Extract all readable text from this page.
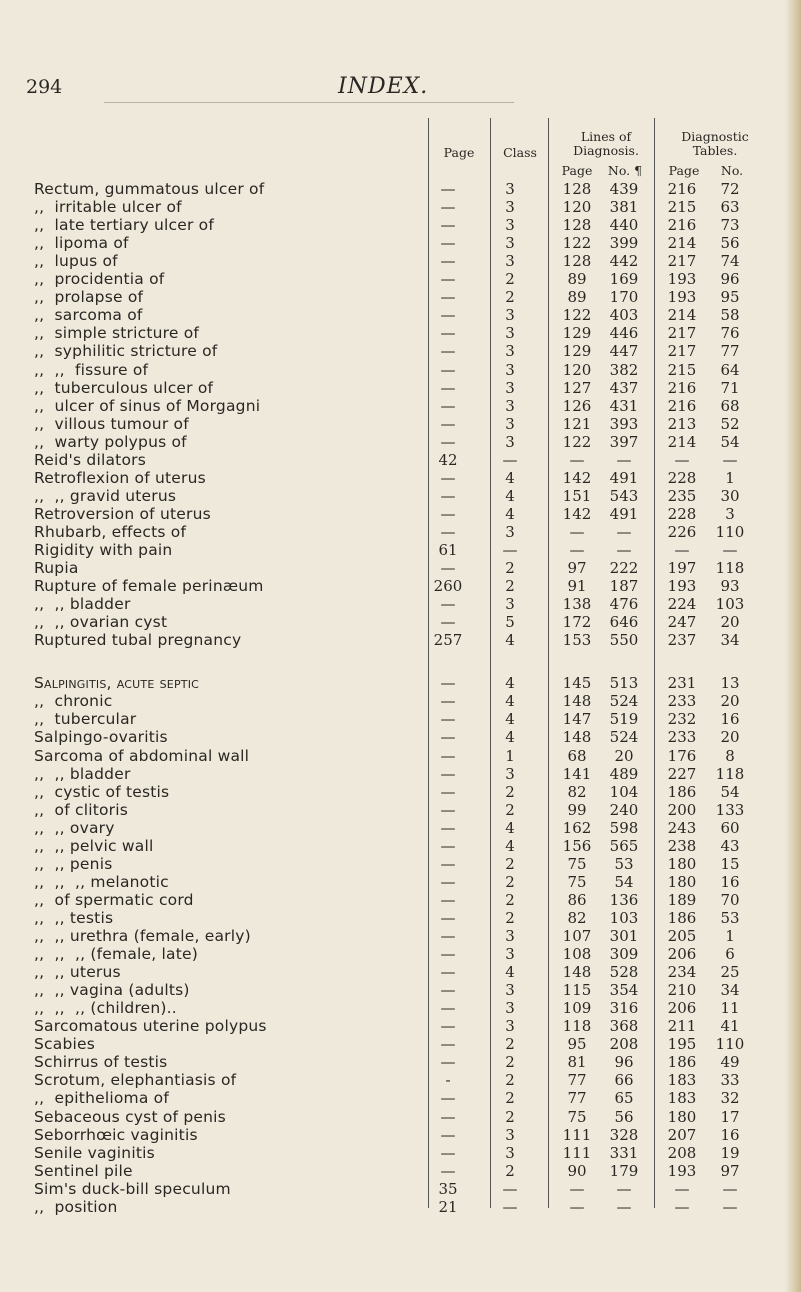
294	INDEX.
Page	Class
Lines of Diagnosis.
Diagnostic Tables.
Page	No. ¶	Page	No.
Rectum, gummatous ulcer of	—	3	128	439	216	72
,,  irritable ulcer of	—	3	120	381	215	63
,,  late tertiary ulcer of	—	3	128	440	216	73
,,  lipoma of	—	3	122	399	214	56
,,  lupus of	—	3	128	442	217	74
,,  procidentia of	—	2	89	169	193	96
,,  prolapse of	—	2	89	170	193	95
,,  sarcoma of	—	3	122	403	214	58
,,  simple stricture of	—	3	129	446	217	76
,,  syphilitic stricture of	—	3	129	447	217	77
,,  ,,  fissure of	—	3	120	382	215	64
,,  tuberculous ulcer of	—	3	127	437	216	71
,,  ulcer of sinus of Morgagni	—	3	126	431	216	68
,,  villous tumour of	—	3	121	393	213	52
,,  warty polypus of	—	3	122	397	214	54
Reid's dilators	42	—	—	—	—	—
Retroflexion of uterus	—	4	142	491	228	1
,,  ,, gravid uterus	—	4	151	543	235	30
Retroversion of uterus	—	4	142	491	228	3
Rhubarb, effects of	—	3	—	—	226	110
Rigidity with pain	61	—	—	—	—	—
Rupia	—	2	97	222	197	118
Rupture of female perinæum	260	2	91	187	193	93
,,  ,, bladder	—	3	138	476	224	103
,,  ,, ovarian cyst	—	5	172	646	247	20
Ruptured tubal pregnancy	257	4	153	550	237	34
Salpingitis, acute septic	—	4	145	513	231	13
,,  chronic	—	4	148	524	233	20
,,  tubercular	—	4	147	519	232	16
Salpingo-ovaritis	—	4	148	524	233	20
Sarcoma of abdominal wall	—	1	68	20	176	8
,,  ,, bladder	—	3	141	489	227	118
,,  cystic of testis	—	2	82	104	186	54
,,  of clitoris	—	2	99	240	200	133
,,  ,, ovary	—	4	162	598	243	60
,,  ,, pelvic wall	—	4	156	565	238	43
,,  ,, penis	—	2	75	53	180	15
,,  ,,  ,, melanotic	—	2	75	54	180	16
,,  of spermatic cord	—	2	86	136	189	70
,,  ,, testis	—	2	82	103	186	53
,,  ,, urethra (female, early)	—	3	107	301	205	1
,,  ,,  ,, (female, late)	—	3	108	309	206	6
,,  ,, uterus	—	4	148	528	234	25
,,  ,, vagina (adults)	—	3	115	354	210	34
,,  ,,  ,, (children)..	—	3	109	316	206	11
Sarcomatous uterine polypus	—	3	118	368	211	41
Scabies	—	2	95	208	195	110
Schirrus of testis	—	2	81	96	186	49
Scrotum, elephantiasis of	-	2	77	66	183	33
,,  epithelioma of	—	2	77	65	183	32
Sebaceous cyst of penis	—	2	75	56	180	17
Seborrhœic vaginitis	—	3	111	328	207	16
Senile vaginitis	—	3	111	331	208	19
Sentinel pile	—	2	90	179	193	97
Sim's duck-bill speculum	35	—	—	—	—	—
,,  position	21	—	—	—	—	—
